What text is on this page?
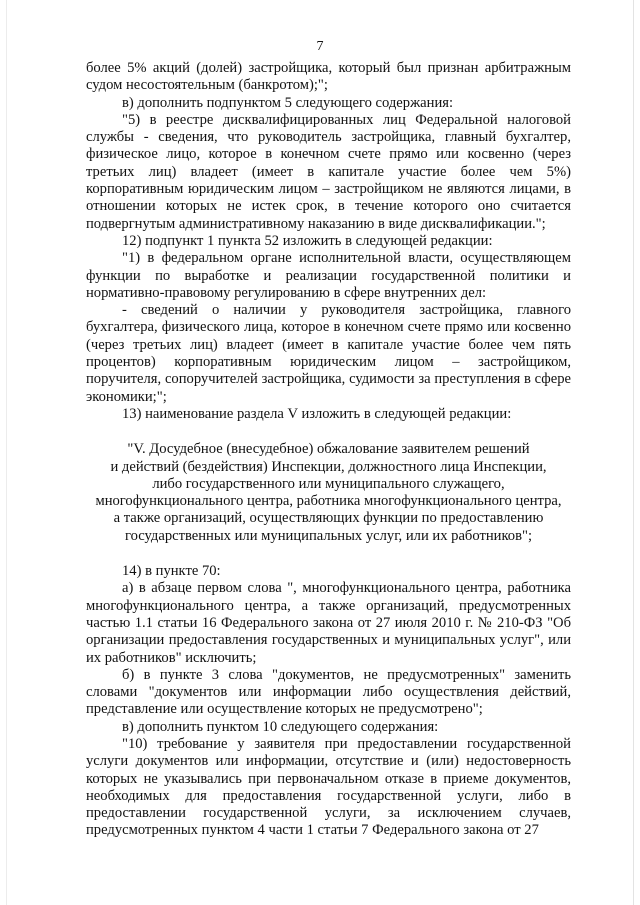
7

более 5% акций (долей) застройщика, который был признан арбитражным судом несостоятельным (банкротом);";

в) дополнить подпунктом 5 следующего содержания:

"5) в реестре дисквалифицированных лиц Федеральной налоговой службы - сведения, что руководитель застройщика, главный бухгалтер, физическое лицо, которое в конечном счете прямо или косвенно (через третьих лиц) владеет (имеет в капитале участие более чем 5%) корпоративным юридическим лицом – застройщиком не являются лицами, в отношении которых не истек срок, в течение которого оно считается подвергнутым административному наказанию в виде дисквалификации.";

12) подпункт 1 пункта 52 изложить в следующей редакции:

"1) в федеральном органе исполнительной власти, осуществляющем функции по выработке и реализации государственной политики и нормативно-правовому регулированию в сфере внутренних дел:

- сведений о наличии у руководителя застройщика, главного бухгалтера, физического лица, которое в конечном счете прямо или косвенно (через третьих лиц) владеет (имеет в капитале участие более чем пять процентов) корпоративным юридическим лицом – застройщиком, поручителя, сопоручителей застройщика, судимости за преступления в сфере экономики;";

13) наименование раздела V изложить в следующей редакции:

"V. Досудебное (внесудебное) обжалование заявителем решений
и действий (бездействия) Инспекции, должностного лица Инспекции,
либо государственного или муниципального служащего,
многофункционального центра, работника многофункционального центра,
а также организаций, осуществляющих функции по предоставлению
государственных или муниципальных услуг, или их работников";

14) в пункте 70:

а) в абзаце первом слова ", многофункционального центра, работника многофункционального центра, а также организаций, предусмотренных частью 1.1 статьи 16 Федерального закона от 27 июля 2010 г. № 210-ФЗ "Об организации предоставления государственных и муниципальных услуг", или их работников" исключить;

б) в пункте 3 слова "документов, не предусмотренных" заменить словами "документов или информации либо осуществления действий, представление или осуществление которых не предусмотрено";

в) дополнить пунктом 10 следующего содержания:

"10) требование у заявителя при предоставлении государственной услуги документов или информации, отсутствие и (или) недостоверность которых не указывались при первоначальном отказе в приеме документов, необходимых для предоставления государственной услуги, либо в предоставлении государственной услуги, за исключением случаев, предусмотренных пунктом 4 части 1 статьи 7 Федерального закона от 27
